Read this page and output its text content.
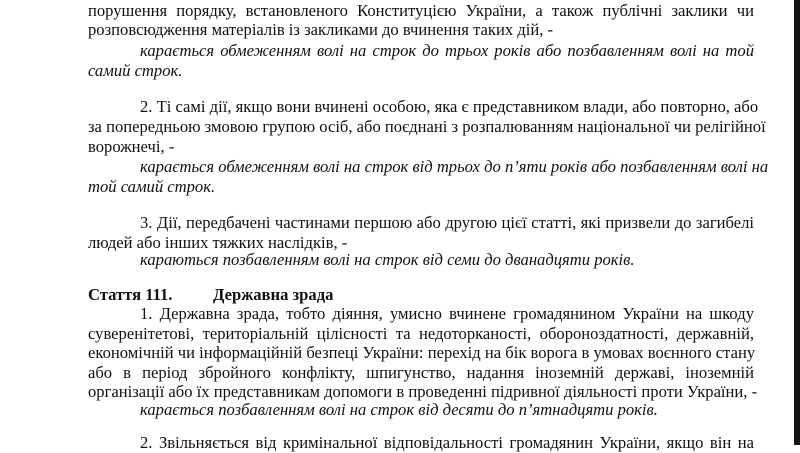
порушення порядку, встановленого Конституцією України, а також публічні заклики чи
розповсюдження матеріалів із закликами до вчинення таких дій, -
карається обмеженням волі на строк до трьох років або позбавленням волі на той
самий строк.
2. Ті самі дії, якщо вони вчинені особою, яка є представником влади, або повторно, або
за попередньою змовою групою осіб, або поєднані з розпалюванням національної чи релігійної
ворожнечі, -
карається обмеженням волі на строк від трьох до п’яти років або позбавленням волі на
той самий строк.
3. Дії, передбачені частинами першою або другою цієї статті, які призвели до загибелі
людей або інших тяжких наслідків, -
караються позбавленням волі на строк від семи до дванадцяти років.
Стаття 111. Державна зрада
1. Державна зрада, тобто діяння, умисно вчинене громадянином України на шкоду
суверенітетові, територіальній цілісності та недоторканості, обороноздатності, державній,
економічній чи інформаційній безпеці України: перехід на бік ворога в умовах воєнного стану
або в період збройного конфлікту, шпигунство, надання іноземній державі, іноземній
організації або їх представникам допомоги в проведенні підривної діяльності проти України, -
карається позбавленням волі на строк від десяти до п’ятнадцяти років.
2. Звільняється від кримінальної відповідальності громадянин України, якщо він на
